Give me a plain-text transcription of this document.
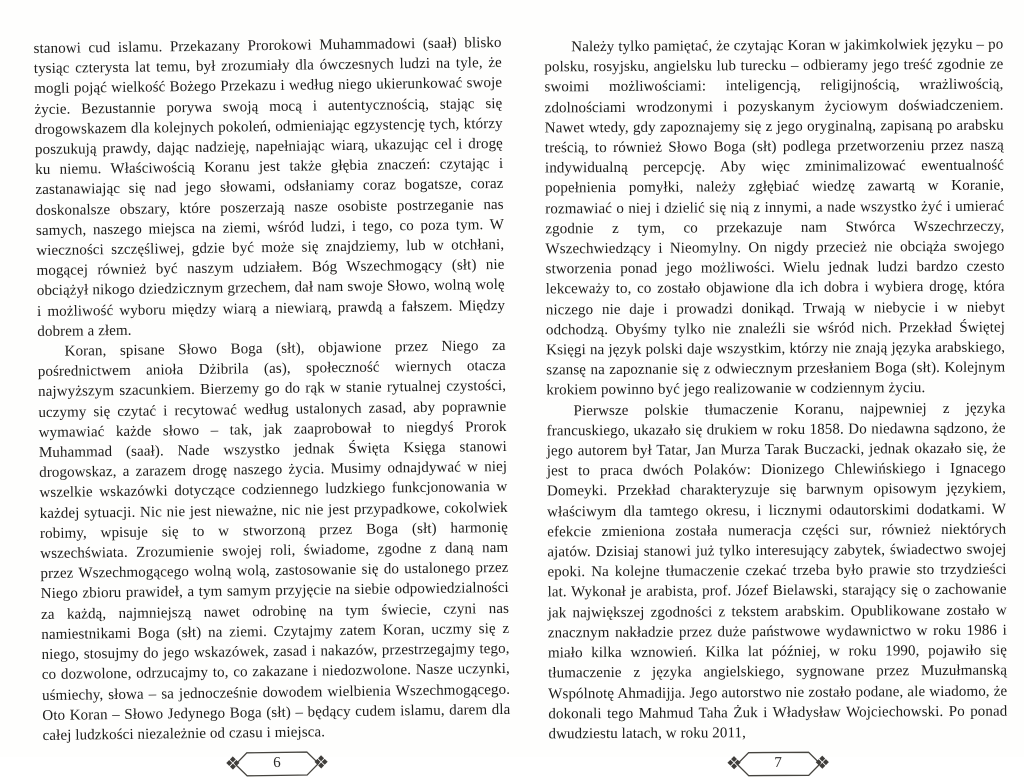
stanowi cud islamu. Przekazany Prorokowi Muhammadowi (saał) blisko tysiąc czterysta lat temu, był zrozumiały dla ówczesnych ludzi na tyle, że mogli pojąć wielkość Bożego Przekazu i według niego ukierunkować swoje życie. Bezustannie porywa swoją mocą i autentycznością, stając się drogowskazem dla kolejnych pokoleń, odmieniając egzystencję tych, którzy poszukują prawdy, dając nadzieję, napełniając wiarą, ukazując cel i drogę ku niemu. Właściwością Koranu jest także głębia znaczeń: czytając i zastanawiając się nad jego słowami, odsłaniamy coraz bogatsze, coraz doskonalsze obszary, które poszerzają nasze osobiste postrzeganie nas samych, naszego miejsca na ziemi, wśród ludzi, i tego, co poza tym. W wieczności szczęśliwej, gdzie być może się znajdziemy, lub w otchłani, mogącej również być naszym udziałem. Bóg Wszechmogący (słt) nie obciążył nikogo dziedzicznym grzechem, dał nam swoje Słowo, wolną wolę i możliwość wyboru między wiarą a niewiarą, prawdą a fałszem. Między dobrem a złem.

Koran, spisane Słowo Boga (słt), objawione przez Niego za pośrednictwem anioła Dżibrila (as), społeczność wiernych otacza najwyższym szacunkiem. Bierzemy go do rąk w stanie rytualnej czystości, uczymy się czytać i recytować według ustalonych zasad, aby poprawnie wymawiać każde słowo – tak, jak zaaprobował to niegdyś Prorok Muhammad (saał). Nade wszystko jednak Święta Księga stanowi drogowskaz, a zarazem drogę naszego życia. Musimy odnajdywać w niej wszelkie wskazówki dotyczące codziennego ludzkiego funkcjonowania w każdej sytuacji. Nic nie jest nieważne, nic nie jest przypadkowe, cokolwiek robimy, wpisuje się to w stworzoną przez Boga (słt) harmonię wszechświata. Zrozumienie swojej roli, świadome, zgodne z daną nam przez Wszechmogącego wolną wolą, zastosowanie się do ustalonego przez Niego zbioru prawideł, a tym samym przyjęcie na siebie odpowiedzialności za każdą, najmniejszą nawet odrobinę na tym świecie, czyni nas namiestnikami Boga (słt) na ziemi. Czytajmy zatem Koran, uczmy się z niego, stosujmy do jego wskazówek, zasad i nakazów, przestrzegajmy tego, co dozwolone, odrzucajmy to, co zakazane i niedozwolone. Nasze uczynki, uśmiechy, słowa – sa jednocześnie dowodem wielbienia Wszechmogącego. Oto Koran – Słowo Jedynego Boga (słt) – będący cudem islamu, darem dla całej ludzkości niezależnie od czasu i miejsca.

❖	6	❖

Należy tylko pamiętać, że czytając Koran w jakimkolwiek języku – po polsku, rosyjsku, angielsku lub turecku – odbieramy jego treść zgodnie ze swoimi możliwościami: inteligencją, religijnością, wrażliwością, zdolnościami wrodzonymi i pozyskanym życiowym doświadczeniem. Nawet wtedy, gdy zapoznajemy się z jego oryginalną, zapisaną po arabsku treścią, to również Słowo Boga (słt) podlega przetworzeniu przez naszą indywidualną percepcję. Aby więc zminimalizować ewentualność popełnienia pomyłki, należy zgłębiać wiedzę zawartą w Koranie, rozmawiać o niej i dzielić się nią z innymi, a nade wszystko żyć i umierać zgodnie z tym, co przekazuje nam Stwórca Wszechrzeczy, Wszechwiedzący i Nieomylny. On nigdy przecież nie obciąża swojego stworzenia ponad jego możliwości. Wielu jednak ludzi bardzo czesto lekceważy to, co zostało objawione dla ich dobra i wybiera drogę, która niczego nie daje i prowadzi donikąd. Trwają w niebycie i w niebyt odchodzą. Obyśmy tylko nie znaleźli sie wśród nich. Przekład Świętej Księgi na język polski daje wszystkim, którzy nie znają języka arabskiego, szansę na zapoznanie się z odwiecznym przesłaniem Boga (słt). Kolejnym krokiem powinno być jego realizowanie w codziennym życiu.

Pierwsze polskie tłumaczenie Koranu, najpewniej z języka francuskiego, ukazało się drukiem w roku 1858. Do niedawna sądzono, że jego autorem był Tatar, Jan Murza Tarak Buczacki, jednak okazało się, że jest to praca dwóch Polaków: Dionizego Chlewińskiego i Ignacego Domeyki. Przekład charakteryzuje się barwnym opisowym językiem, właściwym dla tamtego okresu, i licznymi odautorskimi dodatkami. W efekcie zmieniona została numeracja części sur, również niektórych ajatów. Dzisiaj stanowi już tylko interesujący zabytek, świadectwo swojej epoki. Na kolejne tłumaczenie czekać trzeba było prawie sto trzydzieści lat. Wykonał je arabista, prof. Józef Bielawski, starający się o zachowanie jak największej zgodności z tekstem arabskim. Opublikowane zostało w znacznym nakładzie przez duże państwowe wydawnictwo w roku 1986 i miało kilka wznowień. Kilka lat później, w roku 1990, pojawiło się tłumaczenie z języka angielskiego, sygnowane przez Muzułmanską Wspólnotę Ahmadijja. Jego autorstwo nie zostało podane, ale wiadomo, że dokonali tego Mahmud Taha Żuk i Władysław Wojciechowski. Po ponad dwudziestu latach, w roku 2011,

❖	7	❖
